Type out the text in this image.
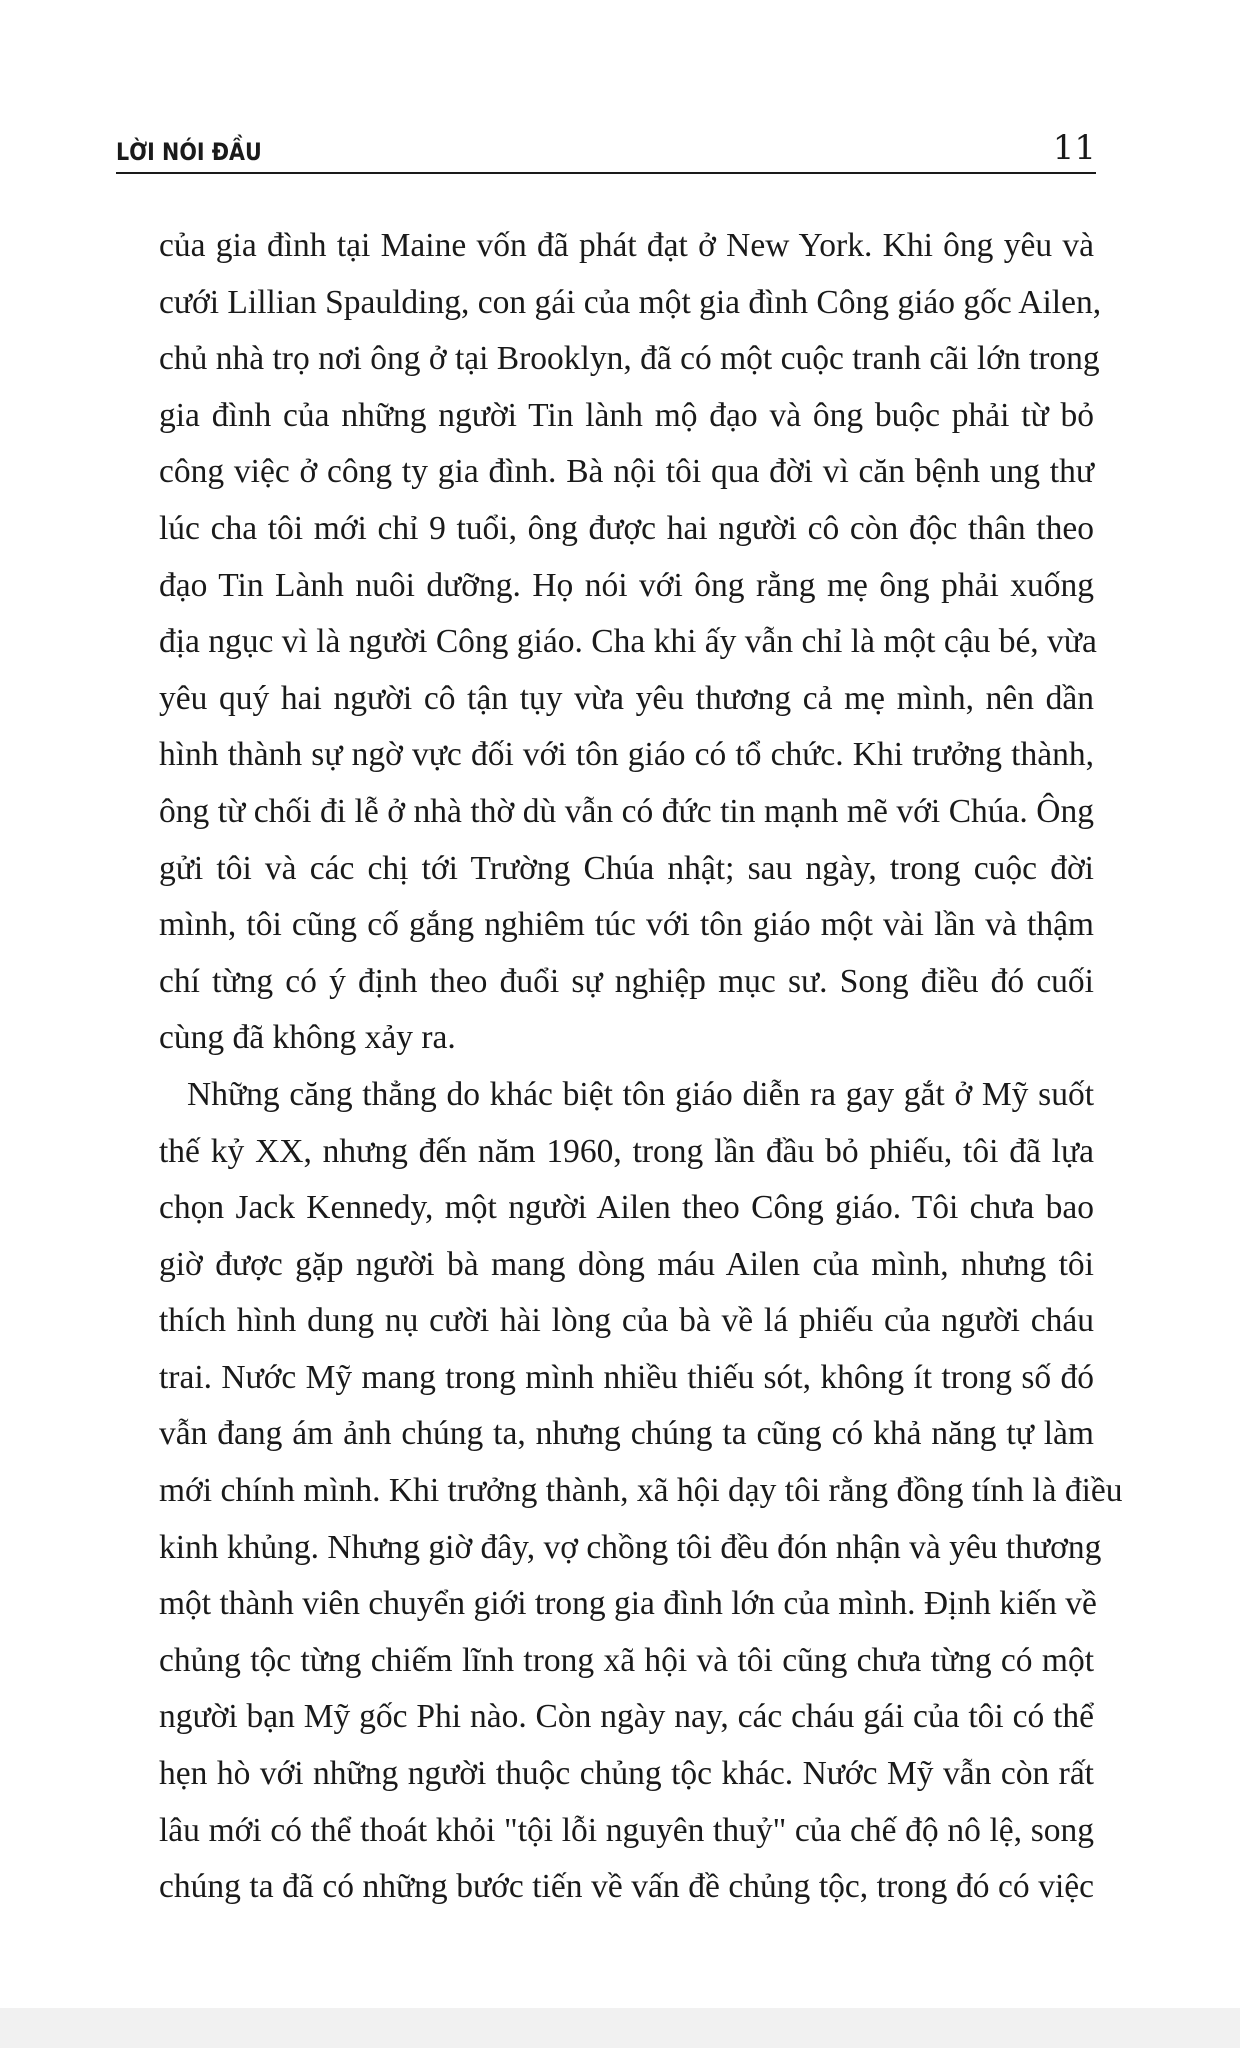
LỜI NÓI ĐẦU	11

của gia đình tại Maine vốn đã phát đạt ở New York. Khi ông yêu và
cưới Lillian Spaulding, con gái của một gia đình Công giáo gốc Ailen,
chủ nhà trọ nơi ông ở tại Brooklyn, đã có một cuộc tranh cãi lớn trong
gia đình của những người Tin lành mộ đạo và ông buộc phải từ bỏ
công việc ở công ty gia đình. Bà nội tôi qua đời vì căn bệnh ung thư
lúc cha tôi mới chỉ 9 tuổi, ông được hai người cô còn độc thân theo
đạo Tin Lành nuôi dưỡng. Họ nói với ông rằng mẹ ông phải xuống
địa ngục vì là người Công giáo. Cha khi ấy vẫn chỉ là một cậu bé, vừa
yêu quý hai người cô tận tụy vừa yêu thương cả mẹ mình, nên dần
hình thành sự ngờ vực đối với tôn giáo có tổ chức. Khi trưởng thành,
ông từ chối đi lễ ở nhà thờ dù vẫn có đức tin mạnh mẽ với Chúa. Ông
gửi tôi và các chị tới Trường Chúa nhật; sau ngày, trong cuộc đời
mình, tôi cũng cố gắng nghiêm túc với tôn giáo một vài lần và thậm
chí từng có ý định theo đuổi sự nghiệp mục sư. Song điều đó cuối
cùng đã không xảy ra.

Những căng thẳng do khác biệt tôn giáo diễn ra gay gắt ở Mỹ suốt
thế kỷ XX, nhưng đến năm 1960, trong lần đầu bỏ phiếu, tôi đã lựa
chọn Jack Kennedy, một người Ailen theo Công giáo. Tôi chưa bao
giờ được gặp người bà mang dòng máu Ailen của mình, nhưng tôi
thích hình dung nụ cười hài lòng của bà về lá phiếu của người cháu
trai. Nước Mỹ mang trong mình nhiều thiếu sót, không ít trong số đó
vẫn đang ám ảnh chúng ta, nhưng chúng ta cũng có khả năng tự làm
mới chính mình. Khi trưởng thành, xã hội dạy tôi rằng đồng tính là điều
kinh khủng. Nhưng giờ đây, vợ chồng tôi đều đón nhận và yêu thương
một thành viên chuyển giới trong gia đình lớn của mình. Định kiến về
chủng tộc từng chiếm lĩnh trong xã hội và tôi cũng chưa từng có một
người bạn Mỹ gốc Phi nào. Còn ngày nay, các cháu gái của tôi có thể
hẹn hò với những người thuộc chủng tộc khác. Nước Mỹ vẫn còn rất
lâu mới có thể thoát khỏi "tội lỗi nguyên thuỷ" của chế độ nô lệ, song
chúng ta đã có những bước tiến về vấn đề chủng tộc, trong đó có việc
